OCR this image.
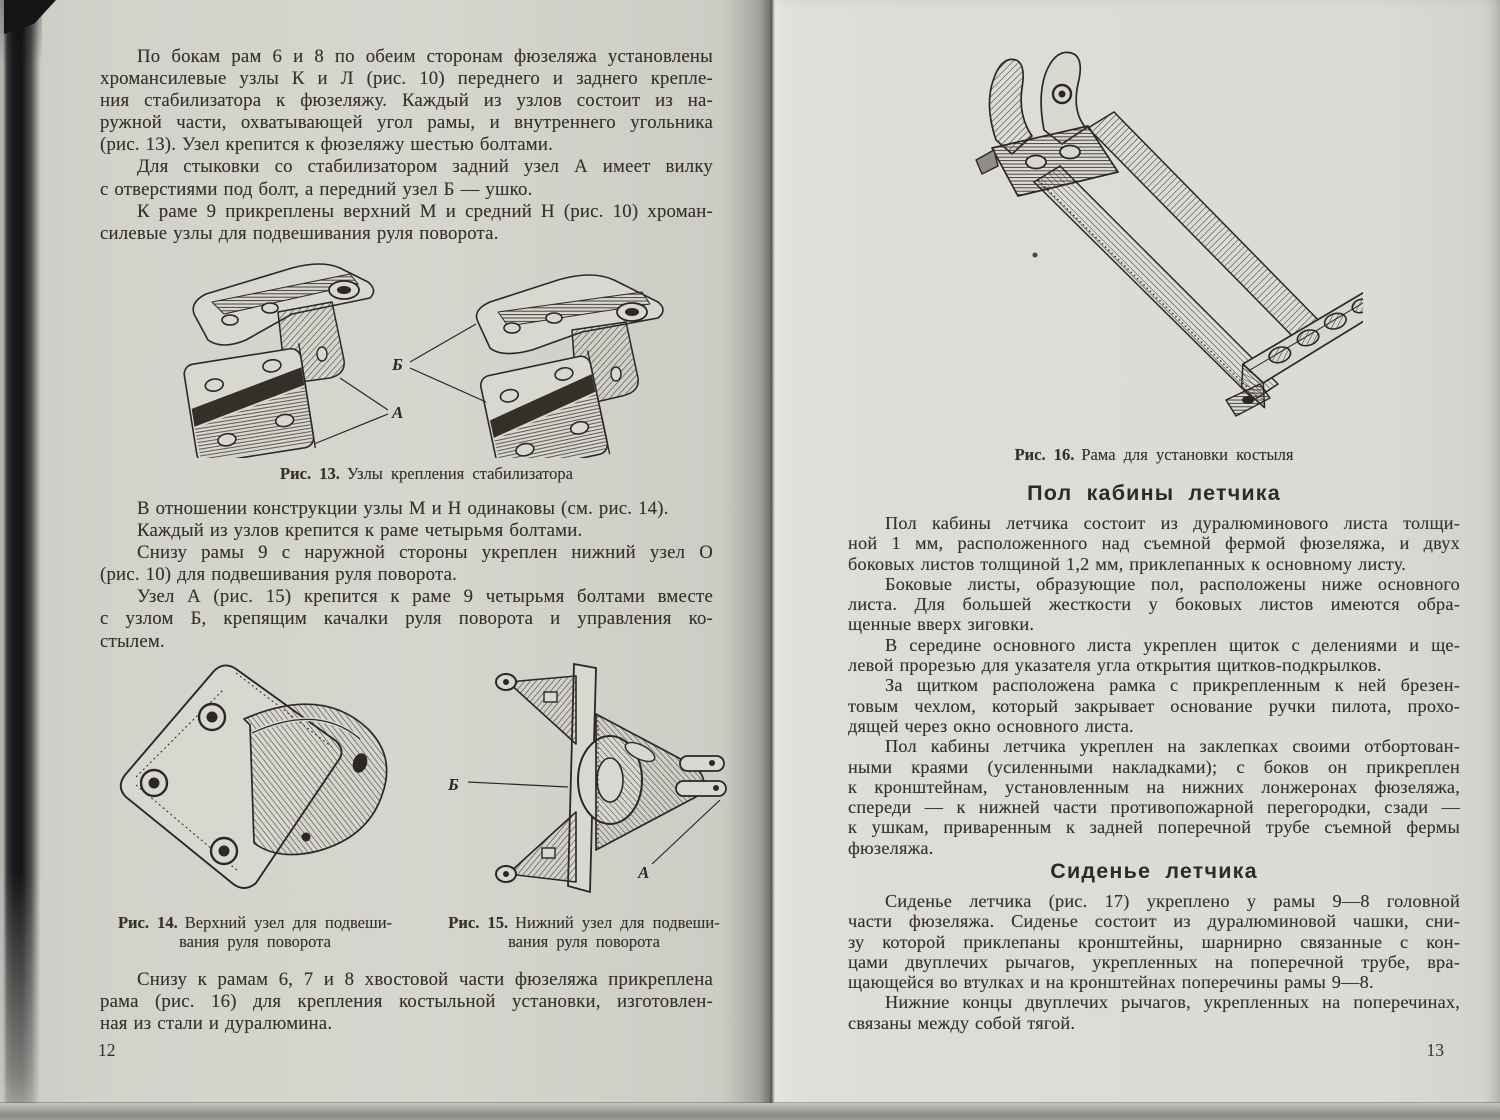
По бокам рам 6 и 8 по обеим сторонам фюзеляжа установлены
хромансилевые узлы К и Л (рис. 10) переднего и заднего крепле-
ния стабилизатора к фюзеляжу. Каждый из узлов состоит из на-
ружной части, охватывающей угол рамы, и внутреннего угольника
(рис. 13). Узел крепится к фюзеляжу шестью болтами.
Для стыковки со стабилизатором задний узел А имеет вилку
с отверстиями под болт, а передний узел Б — ушко.
К раме 9 прикреплены верхний М и средний Н (рис. 10) хроман-
силевые узлы для подвешивания руля поворота.
А
Б
Рис. 13. Узлы крепления стабилизатора
В отношении конструкции узлы М и Н одинаковы (см. рис. 14).
Каждый из узлов крепится к раме четырьмя болтами.
Снизу рамы 9 с наружной стороны укреплен нижний узел О
(рис. 10) для подвешивания руля поворота.
Узел А (рис. 15) крепится к раме 9 четырьмя болтами вместе
с узлом Б, крепящим качалки руля поворота и управления ко-
стылем.
Б
А
Рис. 14. Верхний узел для подвеши-
вания руля поворота
Рис. 15. Нижний узел для подвеши-
вания руля поворота
Снизу к рамам 6, 7 и 8 хвостовой части фюзеляжа прикреплена
рама (рис. 16) для крепления костыльной установки, изготовлен-
ная из стали и дуралюмина.
12
Рис. 16. Рама для установки костыля
Пол кабины летчика
Пол кабины летчика состоит из дуралюминового листа толщи-
ной 1 мм, расположенного над съемной фермой фюзеляжа, и двух
боковых листов толщиной 1,2 мм, приклепанных к основному листу.
Боковые листы, образующие пол, расположены ниже основного
листа. Для большей жесткости у боковых листов имеются обра-
щенные вверх зиговки.
В середине основного листа укреплен щиток с делениями и ще-
левой прорезью для указателя угла открытия щитков-подкрылков.
За щитком расположена рамка с прикрепленным к ней брезен-
товым чехлом, который закрывает основание ручки пилота, прохо-
дящей через окно основного листа.
Пол кабины летчика укреплен на заклепках своими отбортован-
ными краями (усиленными накладками); с боков он прикреплен
к кронштейнам, установленным на нижних лонжеронах фюзеляжа,
спереди — к нижней части противопожарной перегородки, сзади —
к ушкам, приваренным к задней поперечной трубе съемной фермы
фюзеляжа.
Сиденье летчика
Сиденье летчика (рис. 17) укреплено у рамы 9—8 головной
части фюзеляжа. Сиденье состоит из дуралюминовой чашки, сни-
зу которой приклепаны кронштейны, шарнирно связанные с кон-
цами двуплечих рычагов, укрепленных на поперечной трубе, вра-
щающейся во втулках и на кронштейнах поперечины рамы 9—8.
Нижние концы двуплечих рычагов, укрепленных на поперечинах,
связаны между собой тягой.
13
